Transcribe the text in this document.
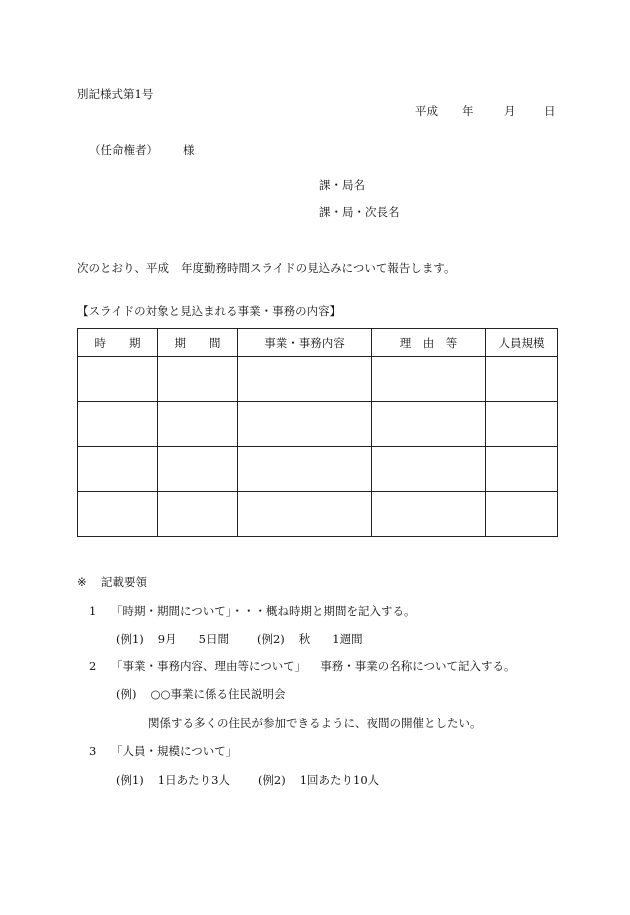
別記様式第1号
平成	年	月	日
（任命権者） 様
課・局名
課・局・次長名
次のとおり、平成 年度勤務時間スライドの見込みについて報告します。
【スライドの対象と見込まれる事業・事務の内容】
時　　期	期　　間	事業・事務内容	理　由　等	人員規模

※ 記載要領
1 「時期・期間について」・・・概ね時期と期間を記入する。
(例1) 9月 5日間 (例2) 秋 1週間
2 「事業・事務内容、理由等について」 事務・事業の名称について記入する。
(例) ○○事業に係る住民説明会
関係する多くの住民が参加できるように、夜間の開催としたい。
3 「人員・規模について」
(例1) 1日あたり3人 (例2) 1回あたり10人
